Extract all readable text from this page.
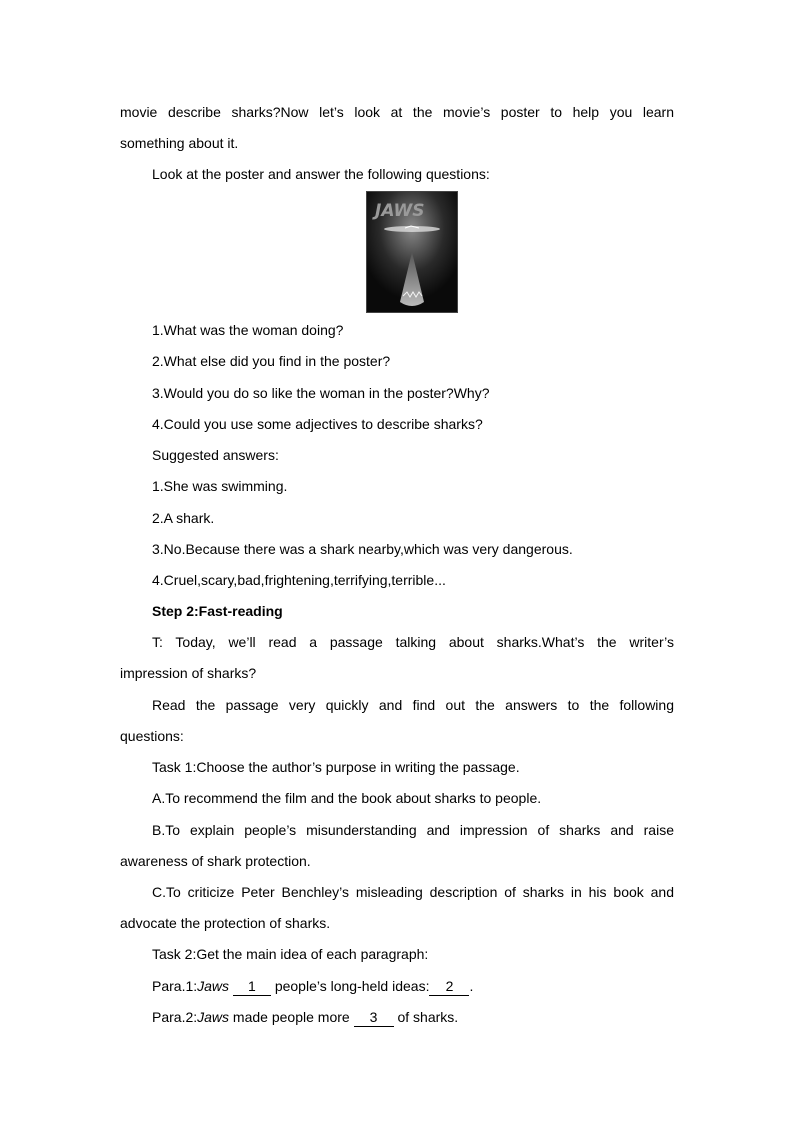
movie describe sharks?Now let’s look at the movie’s poster to help you learn
something about it.
Look at the poster and answer the following questions:
JAWS
1.What was the woman doing?
2.What else did you find in the poster?
3.Would you do so like the woman in the poster?Why?
4.Could you use some adjectives to describe sharks?
Suggested answers:
1.She was swimming.
2.A shark.
3.No.Because there was a shark nearby,which was very dangerous.
4.Cruel,scary,bad,frightening,terrifying,terrible...
Step 2:Fast-reading
T: Today, we’ll read a passage talking about sharks.What’s the writer’s
impression of sharks?
Read the passage very quickly and find out the answers to the following
questions:
Task 1:Choose the author’s purpose in writing the passage.
A.To recommend the film and the book about sharks to people.
B.To explain people’s misunderstanding and impression of sharks and raise
awareness of shark protection.
C.To criticize Peter Benchley’s misleading description of sharks in his book and
advocate the protection of sharks.
Task 2:Get the main idea of each paragraph:
Para.1:Jaws 1 people’s long-held ideas: 2 .
Para.2:Jaws made people more 3 of sharks.
